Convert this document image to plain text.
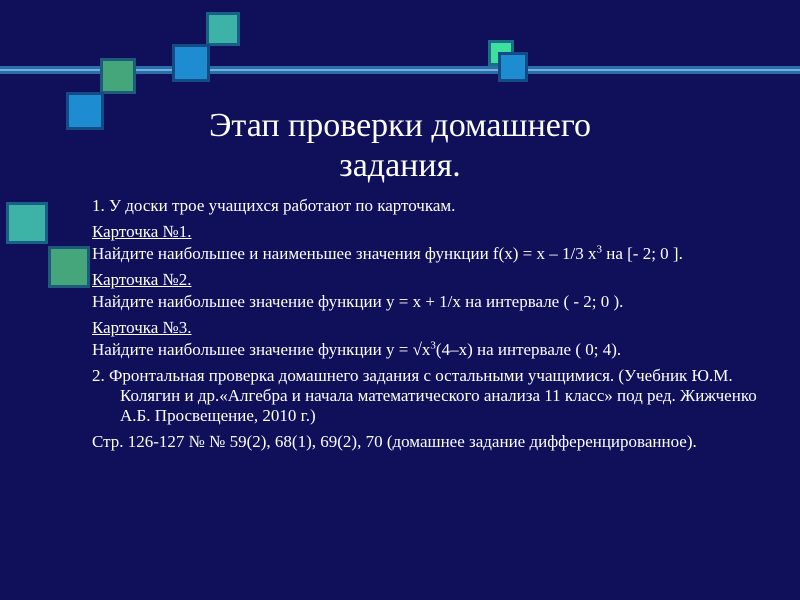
Этап проверки домашнего
задания.

1. У доски трое учащихся работают по карточкам.

Карточка №1.

Найдите наибольшее и наименьшее значения функции f(x) = x – 1/3 $x^3$ на [- 2; 0 ].

Карточка №2.

Найдите наибольшее значение функции y = x + 1/x на интервале ( - 2; 0 ).

Карточка №3.

Найдите наибольшее значение функции $y = √x^3(4-x)$ на интервале ( 0; 4).

2. Фронтальная проверка домашнего задания с остальными учащимися. (Учебник Ю.М. Колягин и др.«Алгебра и начала математического анализа 11 класс» под ред. Жижченко А.Б. Просвещение, 2010 г.)

Стр. 126-127 № № 59(2), 68(1), 69(2), 70 (домашнее задание дифференцированное).
